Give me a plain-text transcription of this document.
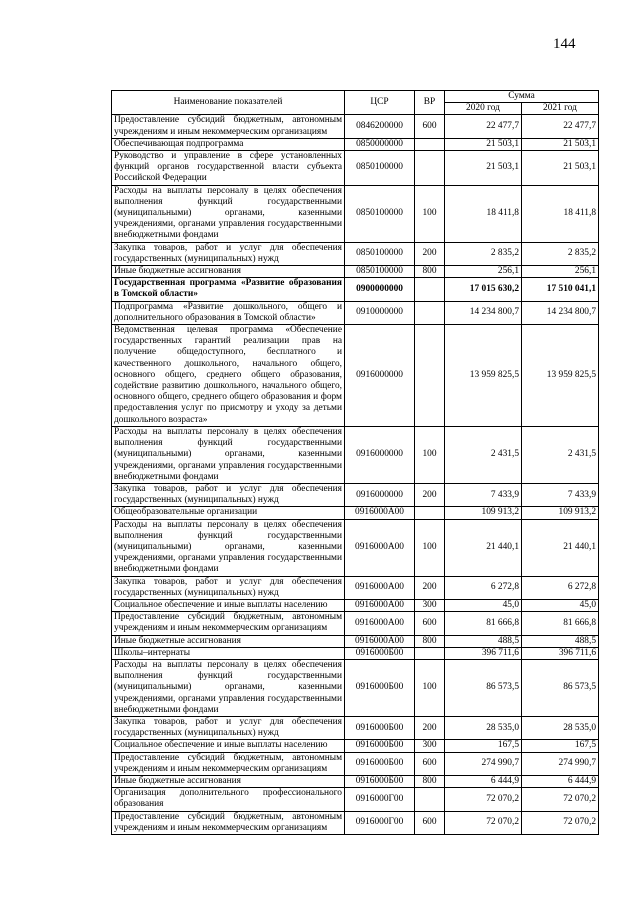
144
Наименование показателей	ЦСР	ВР	Сумма	
			2020 год	2021 год
Предоставление субсидий бюджетным, автономным учреждениям и иным некоммерческим организациям	0846200000	600	22 477,7	22 477,7
Обеспечивающая подпрограмма	0850000000		21 503,1	21 503,1
Руководство и управление в сфере установленных функций органов государственной власти субъекта Российской Федерации	0850100000		21 503,1	21 503,1
Расходы на выплаты персоналу в целях обеспечения выполнения функций государственными (муниципальными) органами, казенными учреждениями, органами управления государственными внебюджетными фондами	0850100000	100	18 411,8	18 411,8
Закупка товаров, работ и услуг для обеспечения государственных (муниципальных) нужд	0850100000	200	2 835,2	2 835,2
Иные бюджетные ассигнования	0850100000	800	256,1	256,1
Государственная программа «Развитие образования в Томской области»	0900000000		17 015 630,2	17 510 041,1
Подпрограмма «Развитие дошкольного, общего и дополнительного образования в Томской области»	0910000000		14 234 800,7	14 234 800,7
Ведомственная целевая программа «Обеспечение государственных гарантий реализации прав на получение общедоступного, бесплатного и качественного дошкольного, начального общего, основного общего, среднего общего образования, содействие развитию дошкольного, начального общего, основного общего, среднего общего образования и форм предоставления услуг по присмотру и уходу за детьми дошкольного возраста»	0916000000		13 959 825,5	13 959 825,5
Расходы на выплаты персоналу в целях обеспечения выполнения функций государственными (муниципальными) органами, казенными учреждениями, органами управления государственными внебюджетными фондами	0916000000	100	2 431,5	2 431,5
Закупка товаров, работ и услуг для обеспечения государственных (муниципальных) нужд	0916000000	200	7 433,9	7 433,9
Общеобразовательные организации	0916000А00		109 913,2	109 913,2
Расходы на выплаты персоналу в целях обеспечения выполнения функций государственными (муниципальными) органами, казенными учреждениями, органами управления государственными внебюджетными фондами	0916000А00	100	21 440,1	21 440,1
Закупка товаров, работ и услуг для обеспечения государственных (муниципальных) нужд	0916000А00	200	6 272,8	6 272,8
Социальное обеспечение и иные выплаты населению	0916000А00	300	45,0	45,0
Предоставление субсидий бюджетным, автономным учреждениям и иным некоммерческим организациям	0916000А00	600	81 666,8	81 666,8
Иные бюджетные ассигнования	0916000А00	800	488,5	488,5
Школы–интернаты	0916000Б00		396 711,6	396 711,6
Расходы на выплаты персоналу в целях обеспечения выполнения функций государственными (муниципальными) органами, казенными учреждениями, органами управления государственными внебюджетными фондами	0916000Б00	100	86 573,5	86 573,5
Закупка товаров, работ и услуг для обеспечения государственных (муниципальных) нужд	0916000Б00	200	28 535,0	28 535,0
Социальное обеспечение и иные выплаты населению	0916000Б00	300	167,5	167,5
Предоставление субсидий бюджетным, автономным учреждениям и иным некоммерческим организациям	0916000Б00	600	274 990,7	274 990,7
Иные бюджетные ассигнования	0916000Б00	800	6 444,9	6 444,9
Организация дополнительного профессионального образования	0916000Г00		72 070,2	72 070,2
Предоставление субсидий бюджетным, автономным учреждениям и иным некоммерческим организациям	0916000Г00	600	72 070,2	72 070,2
